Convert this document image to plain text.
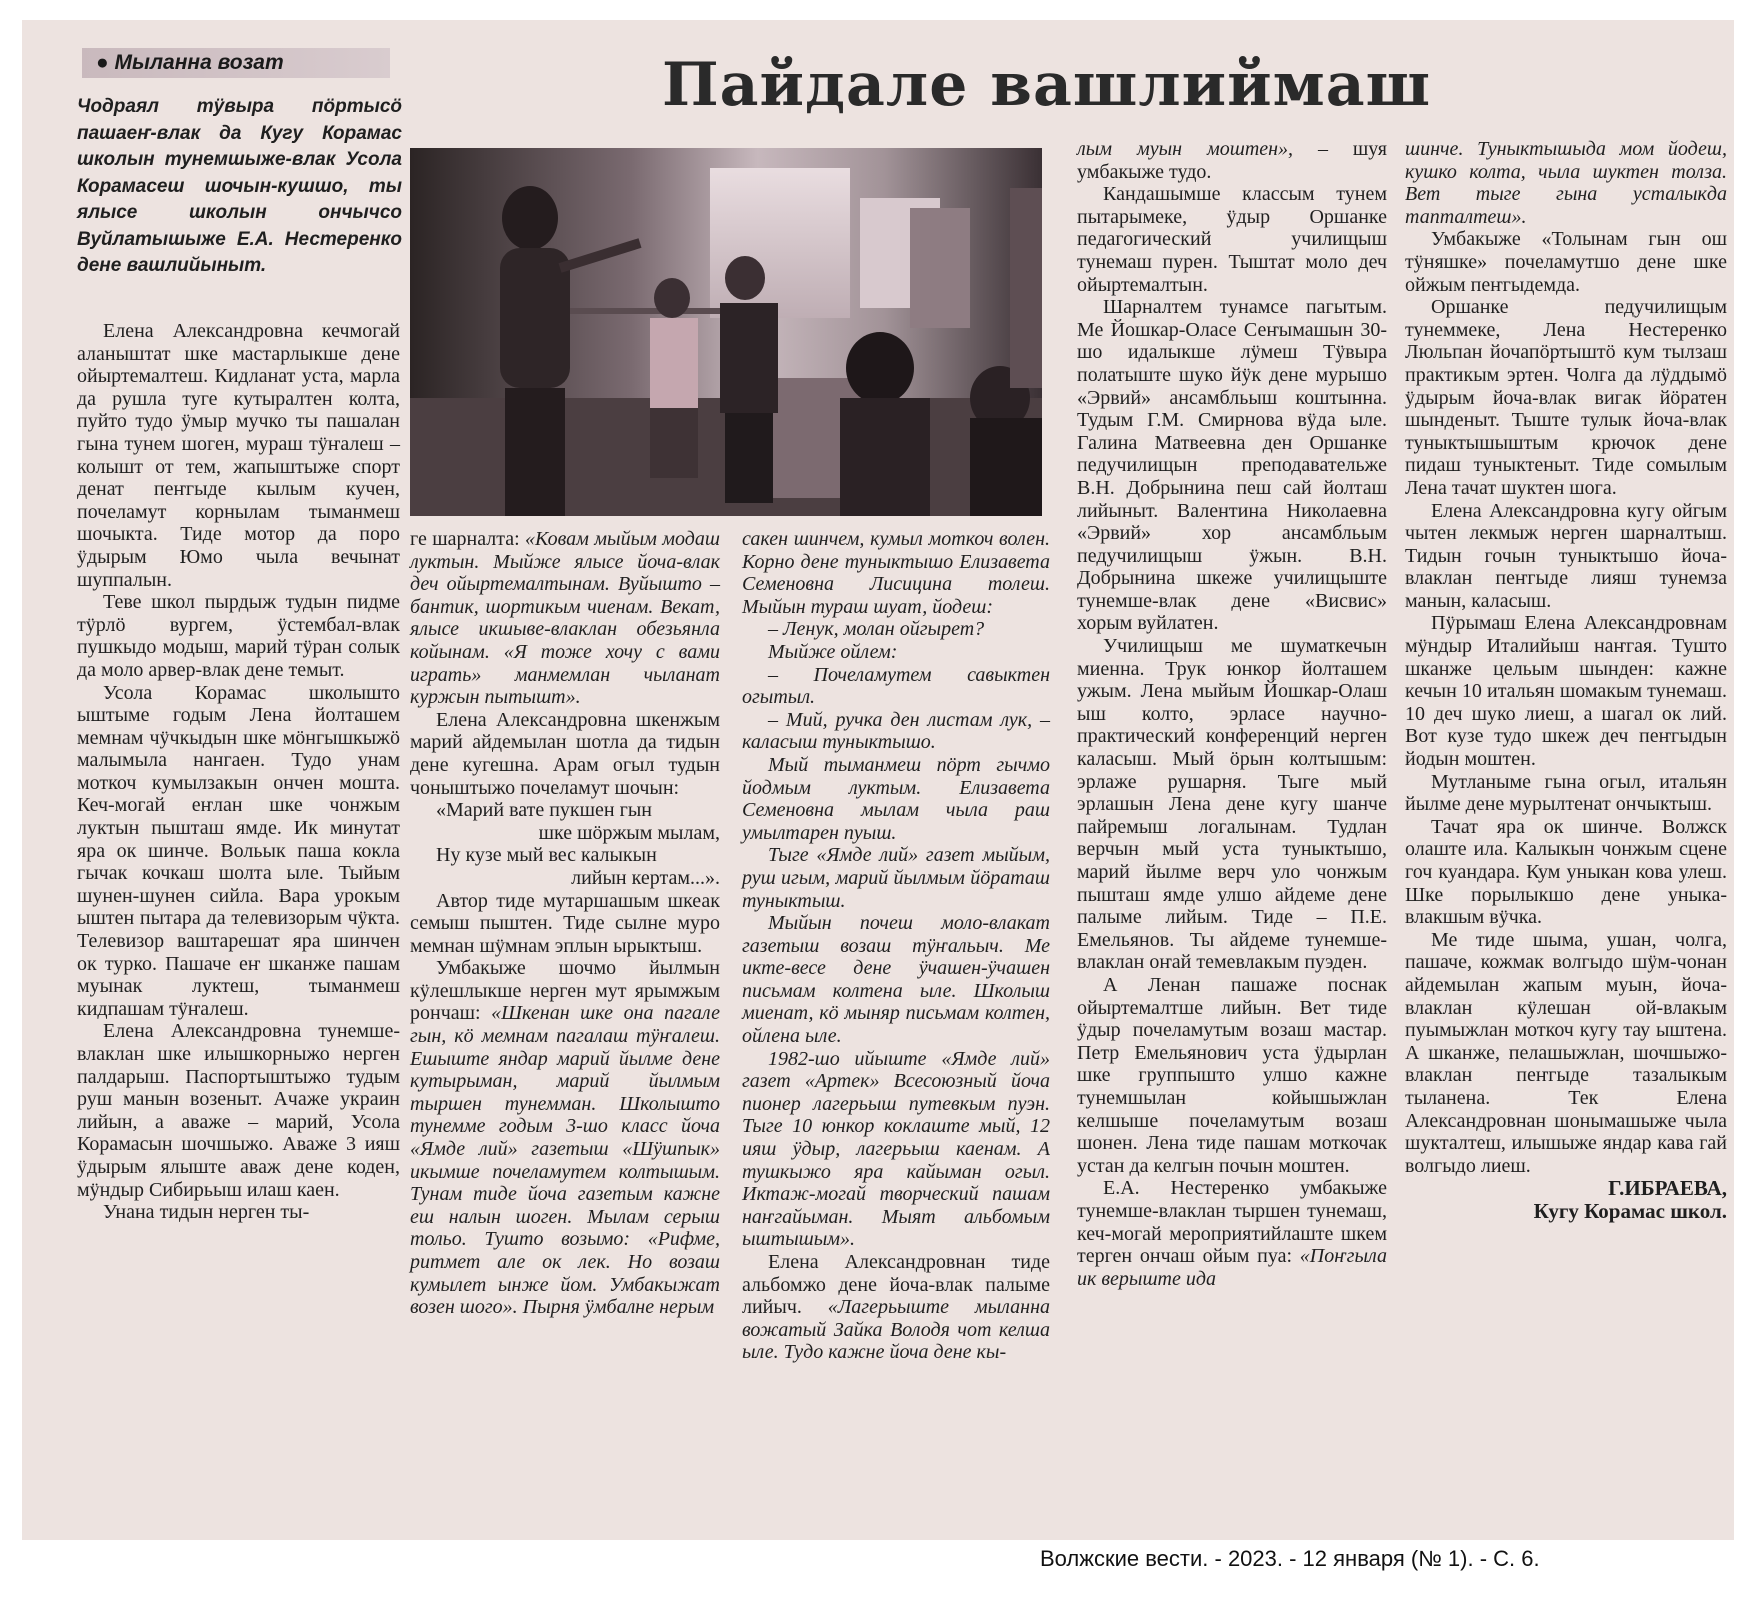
● Мыланна возат	Пайдале вашлиймаш
Чодраял тӱвыра пӧртысӧ пашаеҥ-влак да Кугу Корамас школын тунемшыже-влак Усола Корамасеш шочын-кушшо, ты ялысе школын ончычсо Вуйлатышыже Е.А. Нестеренко дене вашлийыныт.

Елена Александровна кечмогай аланыштат шке мастарлыкше дене ойыртемалтеш. Кидланат уста, марла да рушла туге кутыралтен колта, пуйто тудо ӱмыр мучко ты пашалан гына тунем шоген, мураш тӱҥалеш – колышт от тем, жапыштыже спорт денат пеҥгыде кылым кучен, почеламут корнылам тыманмеш шочыкта. Тиде мотор да поро ӱдырым Юмо чыла вечынат шуппалын.

Теве школ пырдыж тудын пидме тӱрлӧ вургем, ӱстембал-влак пушкыдо модыш, марий тӱран солык да моло арвер-влак дене темыт.

Усола Корамас школышто ыштыме годым Лена йолташем мемнам чӱчкыдын шке мӧнгышкыжӧ малымыла нангаен. Тудо унам моткоч кумылзакын ончен мошта. Кеч-могай еҥлан шке чонжым луктын пышташ ямде. Ик минутат яра ок шинче. Вольык паша кокла гычак кочкаш шолта ыле. Тыйым шунен-шунен сийла. Вара урокым ыштен пытара да телевизорым чӱкта. Телевизор ваштарешат яра шинчен ок турко. Пашаче еҥ шканже пашам муынак луктеш, тыманмеш кидпашам тӱҥалеш.

Елена Александровна тунемше-влаклан шке илышкорныжо нерген палдарыш. Паспортыштыжо тудым руш манын возеныт. Ачаже украин лийын, а аваже – марий, Усола Корамасын шочшыжо. Аваже 3 ияш ӱдырым ялыште аваж дене коден, мӱндыр Сибирьыш илаш каен.

Унана тидын нерген ты-

ге шарналта: «Ковам мыйым модаш луктын. Мыйже ялысе йоча-влак деч ойыртемалтынам. Вуйышто – бантик, шортикым чиенам. Векат, ялысе икшыве-влаклан обезьянла койынам. «Я тоже хочу с вами играть» манмемлан чыланат куржын пытышт».

Елена Александровна шкенжым марий айдемылан шотла да тидын дене кугешна. Арам огыл тудын чоныштыжо почеламут шочын:

«Марий вате пукшен гын
шке шӧржым мылам,
Ну кузе мый вес калыкын
лийын кертам...».

Автор тиде мутаршашым шкеак семыш пыштен. Тиде сылне муро мемнан шӱмнам эплын ырыктыш.

Умбакыже шочмо йылмын кӱлешлыкше нерген мут ярымжым рончаш: «Шкенан шке она пагале гын, кӧ мемнам пагалаш тӱҥалеш. Ешыште яндар марий йылме дене кутырыман, марий йылмым тыршен тунемман. Школышто тунемме годым 3-шо класс йоча «Ямде лий» газетыш «Шӱшпык» икымше почеламутем колтышым. Тунам тиде йоча газетым кажне еш налын шоген. Мылам серыш тольо. Тушто возымо: «Рифме, ритмет але ок лек. Но возаш кумылет ынже йом. Умбакыжат возен шого». Пырня ӱмбалне нерым

сакен шинчем, кумыл моткоч волен. Корно дене туныктышо Елизавета Семеновна Лисицина толеш. Мыйын тураш шуат, йодеш:

– Ленук, молан ойгырет?

Мыйже ойлем:

– Почеламутем савыктен огытыл.

– Мий, ручка ден листам лук, – каласыш туныктышо.

Мый тыманмеш пӧрт гычмо йодмым луктым. Елизавета Семеновна мылам чыла раш умылтарен пуыш.

Тыге «Ямде лий» газет мыйым, руш игым, марий йылмым йӧраташ туныктыш.

Мыйын почеш моло-влакат газетыш возаш тӱҥальыч. Ме икте-весе дене ӱчашен-ӱчашен письмам колтена ыле. Школыш миенат, кӧ мыняр письмам колтен, ойлена ыле.

1982-шо ийыште «Ямде лий» газет «Артек» Всесоюзный йоча пионер лагерьыш путевкым пуэн. Тыге 10 юнкор коклаште мый, 12 ияш ӱдыр, лагерьыш каенам. А тушкыжо яра кайыман огыл. Иктаж-могай творческий пашам наҥгайыман. Мыят альбомым ыштышым».

Елена Александровнан тиде альбомжо дене йоча-влак палыме лийыч. «Лагерьыште мыланна вожатый Зайка Володя чот келша ыле. Тудо кажне йоча дене кы-

лым муын моштен», – шуя умбакыже тудо.

Кандашымше классым тунем пытарымеке, ӱдыр Оршанке педагогический училищыш тунемаш пурен. Тыштат моло деч ойыртемалтын.

Шарналтем тунамсе пагытым. Ме Йошкар-Оласе Сеҥымашын 30-шо идалыкше лӱмеш Тӱвыра полатыште шуко йӱк дене мурышо «Эрвий» ансамбльыш коштынна. Тудым Г.М. Смирнова вӱда ыле. Галина Матвеевна ден Оршанке педучилищын преподавательже В.Н. Добрынина пеш сай йолташ лийыныт. Валентина Николаевна «Эрвий» хор ансамбльым педучилищыш ӱжын. В.Н. Добрынина шкеже училищыште тунемше-влак дене «Висвис» хорым вуйлатен.

Училищыш ме шуматкечын миенна. Трук юнкор йолташем ужым. Лена мыйым Йошкар-Олаш ыш колто, эрласе научно-практический конференций нерген каласыш. Мый ӧрын колтышым: эрлаже рушарня. Тыге мый эрлашын Лена дене кугу шанче пайремыш логалынам. Тудлан верчын мый уста туныктышо, марий йылме верч уло чонжым пышташ ямде улшо айдеме дене палыме лийым. Тиде – П.Е. Емельянов. Ты айдеме тунемше-влаклан оҥай темевлакым пуэден.

А Ленан пашаже поснак ойыртемалтше лийын. Вет тиде ӱдыр почеламутым возаш мастар. Петр Емельянович уста ӱдырлан шке группышто улшо кажне тунемшылан койышыжлан келшыше почеламутым возаш шонен. Лена тиде пашам моткочак устан да келгын почын моштен.

Е.А. Нестеренко умбакыже тунемше-влаклан тыршен тунемаш, кеч-могай мероприятийлаште шкем терген ончаш ойым пуа: «Поҥгыла ик верыште ида

шинче. Туныктышыда мом йодеш, кушко колта, чыла шуктен толза. Вет тыге гына усталыкда тапталтеш».

Умбакыже «Толынам гын ош тӱняшке» почеламутшо дене шке ойжым пеҥгыдемда.

Оршанке педучилищым тунеммеке, Лена Нестеренко Люльпан йочапӧртыштӧ кум тылзаш практикым эртен. Чолга да лӱддымӧ ӱдырым йоча-влак вигак йӧратен шынденыт. Тыште тулык йоча-влак туныктышыштым крючок дене пидаш туныктеныт. Тиде сомылым Лена тачат шуктен шога.

Елена Александровна кугу ойгым чытен лекмыж нерген шарналтыш. Тидын гочын туныктышо йоча-влаклан пеҥгыде лияш тунемза манын, каласыш.

Пӱрымаш Елена Александровнам мӱндыр Италийыш наҥгая. Тушто шканже цельым шынден: кажне кечын 10 итальян шомакым тунемаш. 10 деч шуко лиеш, а шагал ок лий. Вот кузе тудо шкеж деч пеҥгыдын йодын моштен.

Мутланыме гына огыл, итальян йылме дене мурылтенат ончыктыш.

Тачат яра ок шинче. Волжск олаште ила. Калыкын чонжым сцене гоч куандара. Кум уныкан кова улеш. Шке порылыкшо дене уныка-влакшым вӱчка.

Ме тиде шыма, ушан, чолга, пашаче, кожмак волгыдо шӱм-чонан айдемылан жапым муын, йоча-влаклан кӱлешан ой-влакым пуымыжлан моткоч кугу тау ыштена. А шканже, пелашыжлан, шочшыжо-влаклан пеҥгыде тазалыкым тыланена. Тек Елена Александровнан шонымашыже чыла шукталтеш, илышыже яндар кава гай волгыдо лиеш.

Г.ИБРАЕВА,
Кугу Корамас школ.
Волжские вести. - 2023. - 12 января (№ 1). - С. 6.
